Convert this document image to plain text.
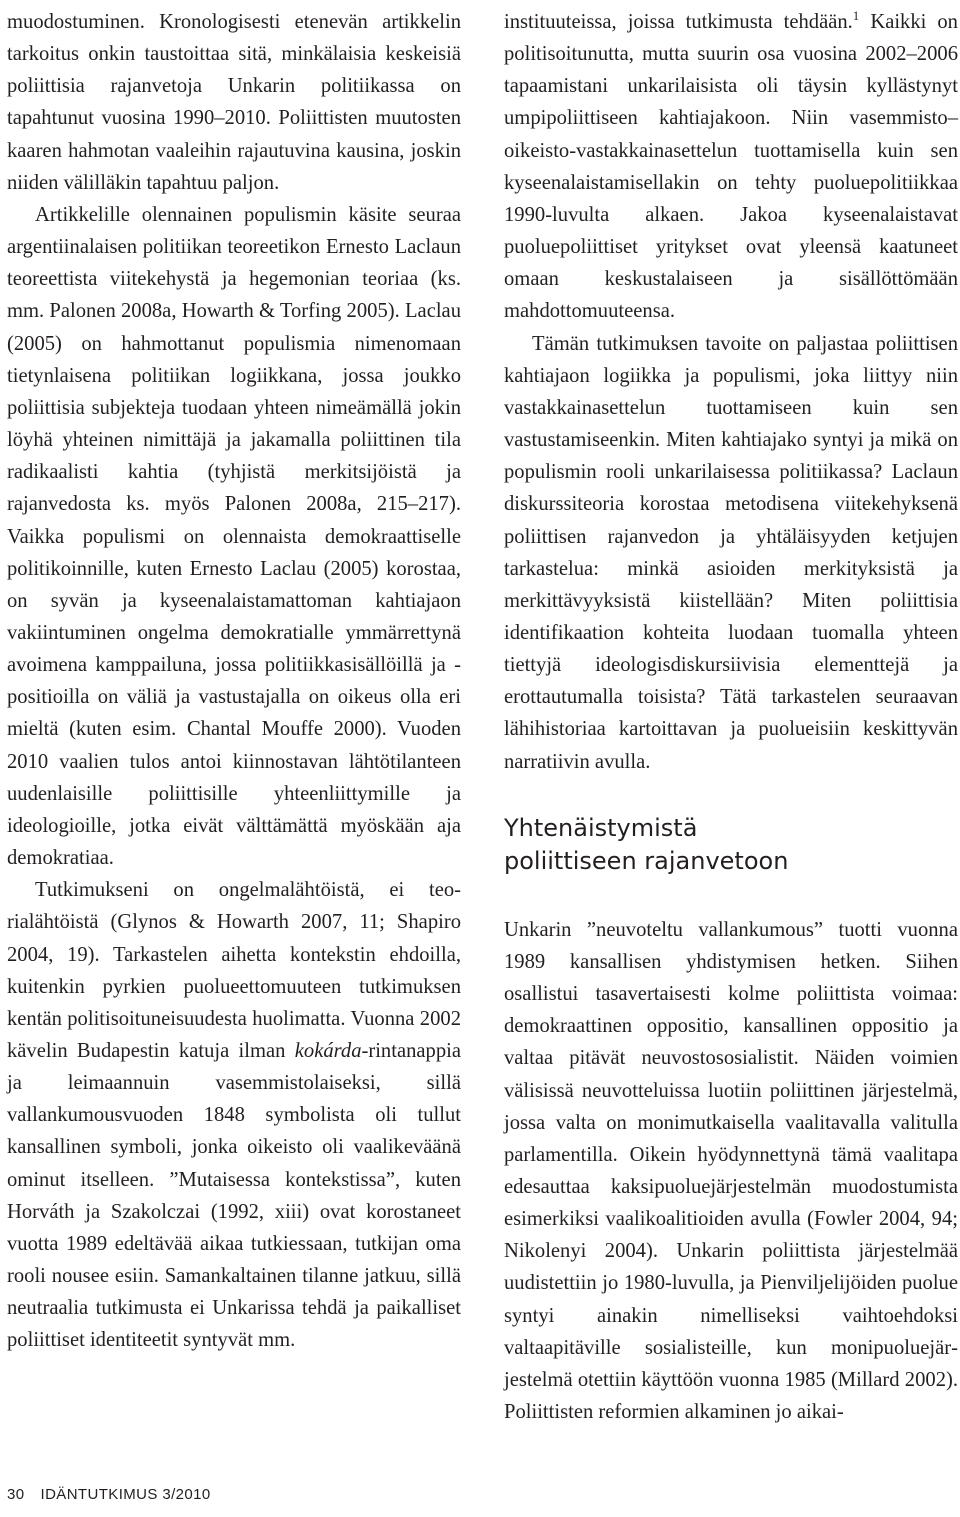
muodostuminen. Kronologisesti etenevän artikkelin tarkoitus onkin taustoittaa sitä, minkälaisia keskeisiä poliittisia rajanvetoja Unkarin politiikassa on tapahtunut vuosina 1990–2010. Poliittisten muutosten kaaren hahmotan vaaleihin rajautuvina kausina, joskin niiden välilläkin tapahtuu paljon.

Artikkelille olennainen populismin käsite seuraa argentiinalaisen politiikan teoreetikon Ernesto Laclaun teoreettista viitekehystä ja hegemonian teoriaa (ks. mm. Palonen 2008a, Howarth & Torfing 2005). Laclau (2005) on hahmottanut populismia nimenomaan tietynlaisena politiikan logiikkana, jossa joukko poliittisia subjekteja tuodaan yhteen nimeämällä jokin löyhä yhteinen nimittäjä ja jakamalla poliittinen tila radikaalisti kahtia (tyhjistä merkitsijöistä ja rajanvedosta ks. myös Palonen 2008a, 215–217). Vaikka populismi on olennaista demokraattiselle politikoinnille, kuten Ernesto Laclau (2005) korostaa, on syvän ja kyseenalaistamattoman kahtiajaon vakiintuminen ongelma demokratialle ymmärrettynä avoimena kamppailuna, jossa politiikkasisällöillä ja -positioilla on väliä ja vastustajalla on oikeus olla eri mieltä (kuten esim. Chantal Mouffe 2000). Vuoden 2010 vaalien tulos antoi kiinnostavan lähtötilanteen uudenlaisille poliittisille yhteenliittymille ja ideologioille, jotka eivät välttämättä myöskään aja demokratiaa.

Tutkimukseni on ongelmalähtöistä, ei teorialähtöistä (Glynos & Howarth 2007, 11; Shapiro 2004, 19). Tarkastelen aihetta kontekstin ehdoilla, kuitenkin pyrkien puolueettomuuteen tutkimuksen kentän politisoituneisuudesta huolimatta. Vuonna 2002 kävelin Budapestin katuja ilman kokárda-rintanappia ja leimaannuin vasemmistolaiseksi, sillä vallankumousvuoden 1848 symbolista oli tullut kansallinen symboli, jonka oikeisto oli vaalikeväänä ominut itselleen. ”Mutaisessa kontekstissa”, kuten Horváth ja Szakolczai (1992, xiii) ovat korostaneet vuotta 1989 edeltävää aikaa tutkiessaan, tutkijan oma rooli nousee esiin. Samankaltainen tilanne jatkuu, sillä neutraalia tutkimusta ei Unkarissa tehdä ja paikalliset poliittiset identiteetit syntyvät mm.

instituuteissa, joissa tutkimusta tehdään.$^1$ Kaikki on politisoitunutta, mutta suurin osa vuosina 2002–2006 tapaamistani unkarilaisista oli täysin kyllästynyt umpipoliittiseen kahtiajakoon. Niin vasemmisto–oikeisto-vastakkainasettelun tuottamisella kuin sen kyseenalaistamisellakin on tehty puoluepolitiikkaa 1990-luvulta alkaen. Jakoa kyseenalaistavat puoluepoliittiset yritykset ovat yleensä kaatuneet omaan keskustalaiseen ja sisällöttömään mahdottomuuteensa.

Tämän tutkimuksen tavoite on paljastaa poliittisen kahtiajaon logiikka ja populismi, joka liittyy niin vastakkainasettelun tuottamiseen kuin sen vastustamiseenkin. Miten kahtiajako syntyi ja mikä on populismin rooli unkarilaisessa politiikassa? Laclaun diskurssiteoria korostaa metodisena viitekehyksenä poliittisen rajanvedon ja yhtäläisyyden ketjujen tarkastelua: minkä asioiden merkityksistä ja merkittävyyksistä kiistellään? Miten poliittisia identifikaation kohteita luodaan tuomalla yhteen tiettyjä ideologisdiskursiivisia elementtejä ja erottautumalla toisista? Tätä tarkastelen seuraavan lähihistoriaa kartoittavan ja puolueisiin keskittyvän narratiivin avulla.

Yhtenäistymistä
poliittiseen rajanvetoon

Unkarin ”neuvoteltu vallankumous” tuotti vuonna 1989 kansallisen yhdistymisen hetken. Siihen osallistui tasavertaisesti kolme poliittista voimaa: demokraattinen oppositio, kansallinen oppositio ja valtaa pitävät neuvostososialistit. Näiden voimien välisissä neuvotteluissa luotiin poliittinen järjestelmä, jossa valta on monimutkaisella vaalitavalla valitulla parlamentilla. Oikein hyödynnettynä tämä vaalitapa edesauttaa kaksipuoluejärjestelmän muodostumista esimerkiksi vaalikoalitioiden avulla (Fowler 2004, 94; Nikolenyi 2004). Unkarin poliittista järjestelmää uudistettiin jo 1980-luvulla, ja Pienviljelijöiden puolue syntyi ainakin nimelliseksi vaihtoehdoksi valtaapitäville sosialisteille, kun monipuoluejärjestelmä otettiin käyttöön vuonna 1985 (Millard 2002). Poliittisten reformien alkaminen jo aikai-

30 IDÄNTUTKIMUS 3/2010
